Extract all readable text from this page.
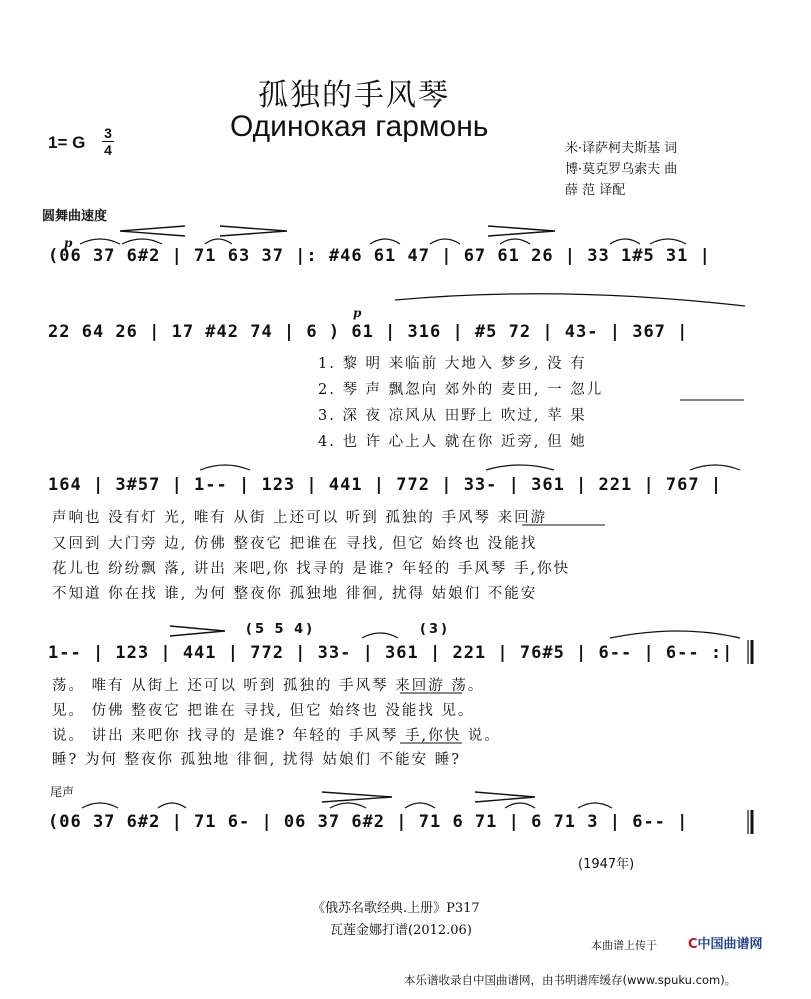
孤独的手风琴
Одинокая гармонь
1= G 3
4	米·译萨柯夫斯基 词
博·莫克罗乌索夫 曲
薛 范 译配
圆舞曲速度
p
p
(06 37 6#2 | 71 63 37 |: #46 61 47 | 67 61 26 | 33 1#5 31 |
22 64 26 | 17 #42 74 | 6 ) 61 | 316 | #5 72 | 43- | 367 |
1. 黎 明 来临前 大地入 梦乡, 没 有
2. 琴 声 飘忽向 郊外的 麦田, 一 忽儿
3. 深 夜 凉风从 田野上 吹过, 苹 果
4. 也 许 心上人 就在你 近旁, 但 她
164 | 3#57 | 1-- | 123 | 441 | 772 | 33- | 361 | 221 | 767 |
声响也 没有灯 光, 唯有 从街 上还可以 听到 孤独的 手风琴 来回游
又回到 大门旁 边, 仿佛 整夜它 把谁在 寻找, 但它 始终也 没能找
花儿也 纷纷飘 落, 讲出 来吧,你 找寻的 是谁? 年轻的 手风琴 手,你快
不知道 你在找 谁, 为何 整夜你 孤独地 徘徊, 扰得 姑娘们 不能安
(5 5 4)	(3)
1-- | 123 | 441 | 772 | 33- | 361 | 221 | 76#5 | 6-- | 6-- :|
荡。 唯有 从街上 还可以 听到 孤独的 手风琴 来回游 荡。
见。 仿佛 整夜它 把谁在 寻找, 但它 始终也 没能找 见。
说。 讲出 来吧你 找寻的 是谁? 年轻的 手风琴 手,你快 说。
睡? 为何 整夜你 孤独地 徘徊, 扰得 姑娘们 不能安 睡?
尾声
(06 37 6#2 | 71 6- | 06 37 6#2 | 71 6 71 | 6 71 3 | 6-- |
(1947年)
《俄苏名歌经典.上册》P317
瓦莲金娜打谱(2012.06)
本曲谱上传于 C中国曲谱网
本乐谱收录自中国曲谱网，由书明谱库缓存(www.spuku.com)。
